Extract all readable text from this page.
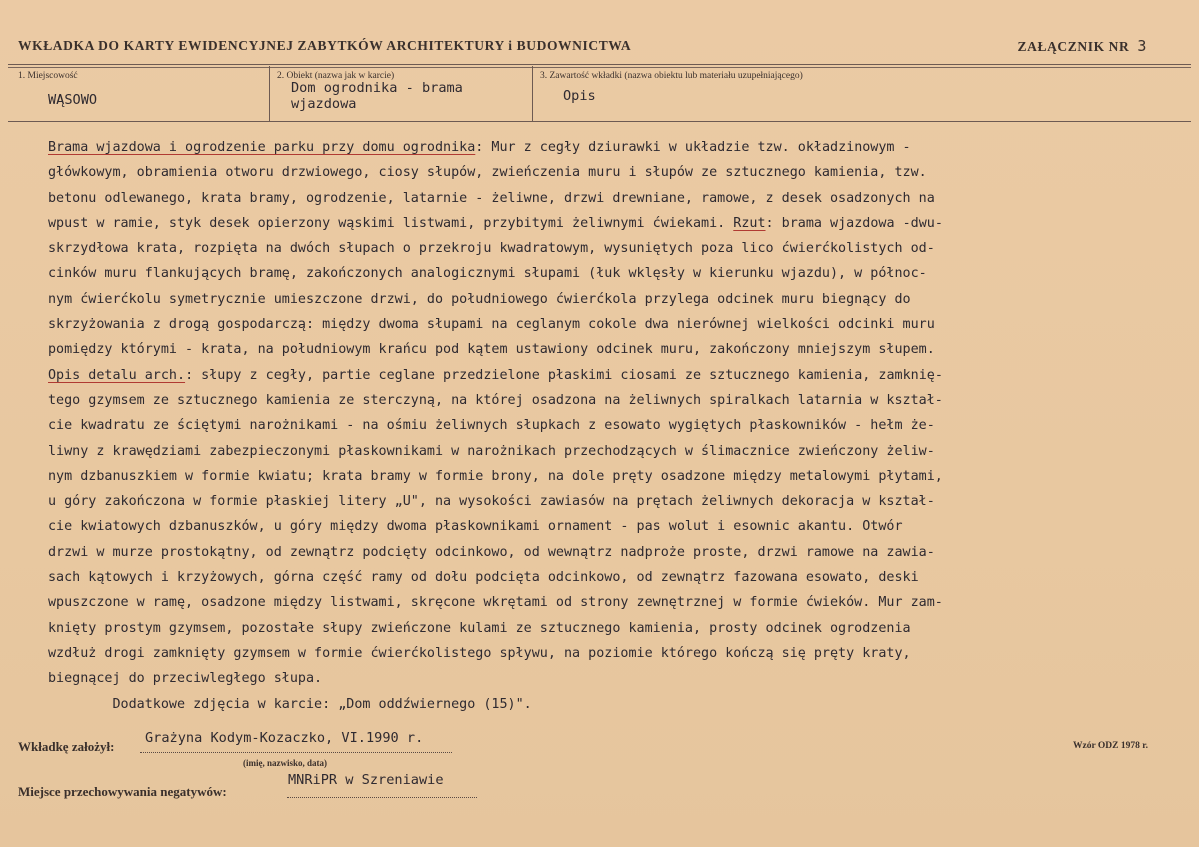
WKŁADKA DO KARTY EWIDENCYJNEJ ZABYTKÓW ARCHITEKTURY i BUDOWNICTWA	ZAŁĄCZNIK NR 3
1. Miejscowość
WĄSOWO
2. Obiekt (nazwa jak w karcie)
Dom ogrodnika - brama
wjazdowa
3. Zawartość wkładki (nazwa obiektu lub materiału uzupełniającego)
Opis
Brama wjazdowa i ogrodzenie parku przy domu ogrodnika: Mur z cegły dziurawki w układzie tzw. okładzinowym -
główkowym, obramienia otworu drzwiowego, ciosy słupów, zwieńczenia muru i słupów ze sztucznego kamienia, tzw.
betonu odlewanego, krata bramy, ogrodzenie, latarnie - żeliwne, drzwi drewniane, ramowe, z desek osadzonych na
wpust w ramie, styk desek opierzony wąskimi listwami, przybitymi żeliwnymi ćwiekami. Rzut: brama wjazdowa -dwu-
skrzydłowa krata, rozpięta na dwóch słupach o przekroju kwadratowym, wysuniętych poza lico ćwierćkolistych od-
cinków muru flankujących bramę, zakończonych analogicznymi słupami (łuk wklęsły w kierunku wjazdu), w północ-
nym ćwierćkolu symetrycznie umieszczone drzwi, do południowego ćwierćkola przylega odcinek muru biegnący do
skrzyżowania z drogą gospodarczą: między dwoma słupami na ceglanym cokole dwa nierównej wielkości odcinki muru
pomiędzy którymi - krata, na południowym krańcu pod kątem ustawiony odcinek muru, zakończony mniejszym słupem.
Opis detalu arch.: słupy z cegły, partie ceglane przedzielone płaskimi ciosami ze sztucznego kamienia, zamknię-
tego gzymsem ze sztucznego kamienia ze sterczyną, na której osadzona na żeliwnych spiralkach latarnia w kształ-
cie kwadratu ze ściętymi narożnikami - na ośmiu żeliwnych słupkach z esowato wygiętych płaskowników - hełm że-
liwny z krawędziami zabezpieczonymi płaskownikami w narożnikach przechodzących w ślimacznice zwieńczony żeliw-
nym dzbanuszkiem w formie kwiatu; krata bramy w formie brony, na dole pręty osadzone między metalowymi płytami,
u góry zakończona w formie płaskiej litery „U", na wysokości zawiasów na prętach żeliwnych dekoracja w kształ-
cie kwiatowych dzbanuszków, u góry między dwoma płaskownikami ornament - pas wolut i esownic akantu. Otwór
drzwi w murze prostokątny, od zewnątrz podcięty odcinkowo, od wewnątrz nadproże proste, drzwi ramowe na zawia-
sach kątowych i krzyżowych, górna część ramy od dołu podcięta odcinkowo, od zewnątrz fazowana esowato, deski
wpuszczone w ramę, osadzone między listwami, skręcone wkrętami od strony zewnętrznej w formie ćwieków. Mur zam-
knięty prostym gzymsem, pozostałe słupy zwieńczone kulami ze sztucznego kamienia, prosty odcinek ogrodzenia
wzdłuż drogi zamknięty gzymsem w formie ćwierćkolistego spływu, na poziomie którego kończą się pręty kraty,
biegnącej do przeciwległego słupa.
Dodatkowe zdjęcia w karcie: „Dom oddźwiernego (15)".
Wkładkę założył:
Grażyna Kodym-Kozaczko, VI.1990 r.
(imię, nazwisko, data)
Miejsce przechowywania negatywów:
MNRiPR w Szreniawie
Wzór ODZ 1978 r.
